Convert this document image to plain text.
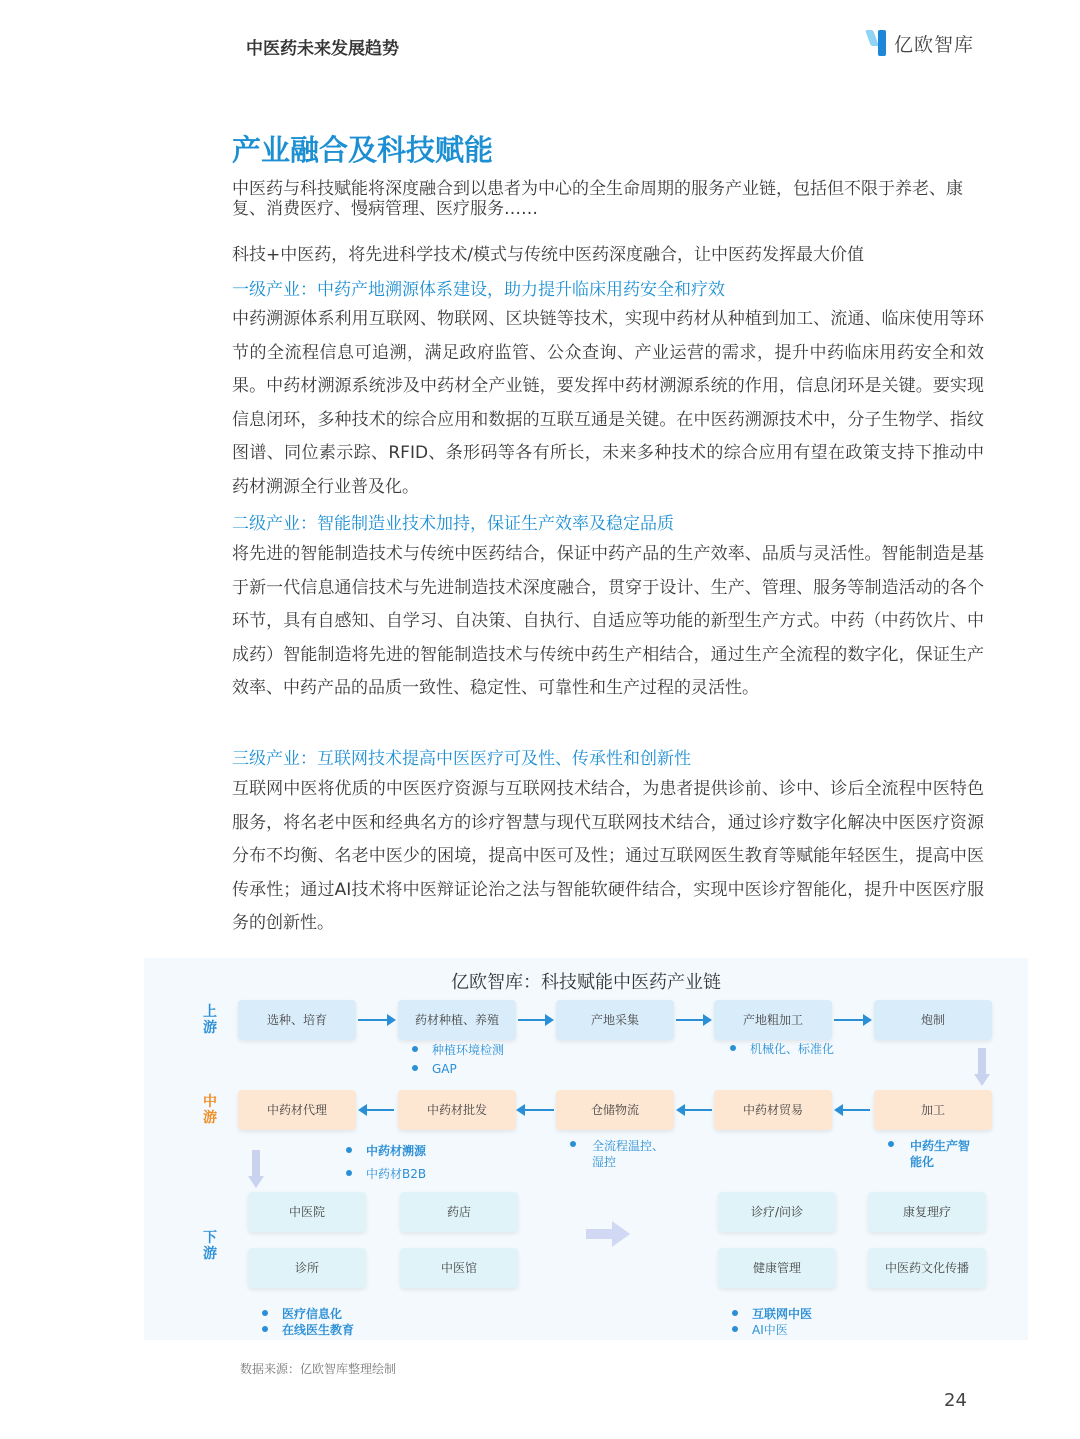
中医药未来发展趋势	亿欧智库
产业融合及科技赋能

中医药与科技赋能将深度融合到以患者为中心的全生命周期的服务产业链，包括但不限于养老、康复、消费医疗、慢病管理、医疗服务……

科技+中医药，将先进科学技术/模式与传统中医药深度融合，让中医药发挥最大价值

一级产业：中药产地溯源体系建设，助力提升临床用药安全和疗效

中药溯源体系利用互联网、物联网、区块链等技术，实现中药材从种植到加工、流通、临床使用等环节的全流程信息可追溯，满足政府监管、公众查询、产业运营的需求，提升中药临床用药安全和效果。中药材溯源系统涉及中药材全产业链，要发挥中药材溯源系统的作用，信息闭环是关键。要实现信息闭环，多种技术的综合应用和数据的互联互通是关键。在中医药溯源技术中，分子生物学、指纹图谱、同位素示踪、RFID、条形码等各有所长，未来多种技术的综合应用有望在政策支持下推动中药材溯源全行业普及化。

二级产业：智能制造业技术加持，保证生产效率及稳定品质

将先进的智能制造技术与传统中医药结合，保证中药产品的生产效率、品质与灵活性。智能制造是基于新一代信息通信技术与先进制造技术深度融合，贯穿于设计、生产、管理、服务等制造活动的各个环节，具有自感知、自学习、自决策、自执行、自适应等功能的新型生产方式。中药（中药饮片、中成药）智能制造将先进的智能制造技术与传统中药生产相结合，通过生产全流程的数字化，保证生产效率、中药产品的品质一致性、稳定性、可靠性和生产过程的灵活性。

三级产业：互联网技术提高中医医疗可及性、传承性和创新性

互联网中医将优质的中医医疗资源与互联网技术结合，为患者提供诊前、诊中、诊后全流程中医特色服务，将名老中医和经典名方的诊疗智慧与现代互联网技术结合，通过诊疗数字化解决中医医疗资源分布不均衡、名老中医少的困境，提高中医可及性；通过互联网医生教育等赋能年轻医生，提高中医传承性；通过AI技术将中医辩证论治之法与智能软硬件结合，实现中医诊疗智能化，提升中医医疗服务的创新性。

亿欧智库：科技赋能中医药产业链
上游
中游
下游
选种、培育	药材种植、养殖	产地采集	产地粗加工	炮制
种植环境检测
GAP
机械化、标准化
中药材代理	中药材批发	仓储物流	中药材贸易	加工
中药材溯源
中药材B2B
全流程温控、湿控
中药生产智能化
中医院	药店
诊所	中医馆
诊疗/问诊	康复理疗
健康管理	中医药文化传播
医疗信息化
在线医生教育
互联网中医
AI中医
数据来源：亿欧智库整理绘制
24
